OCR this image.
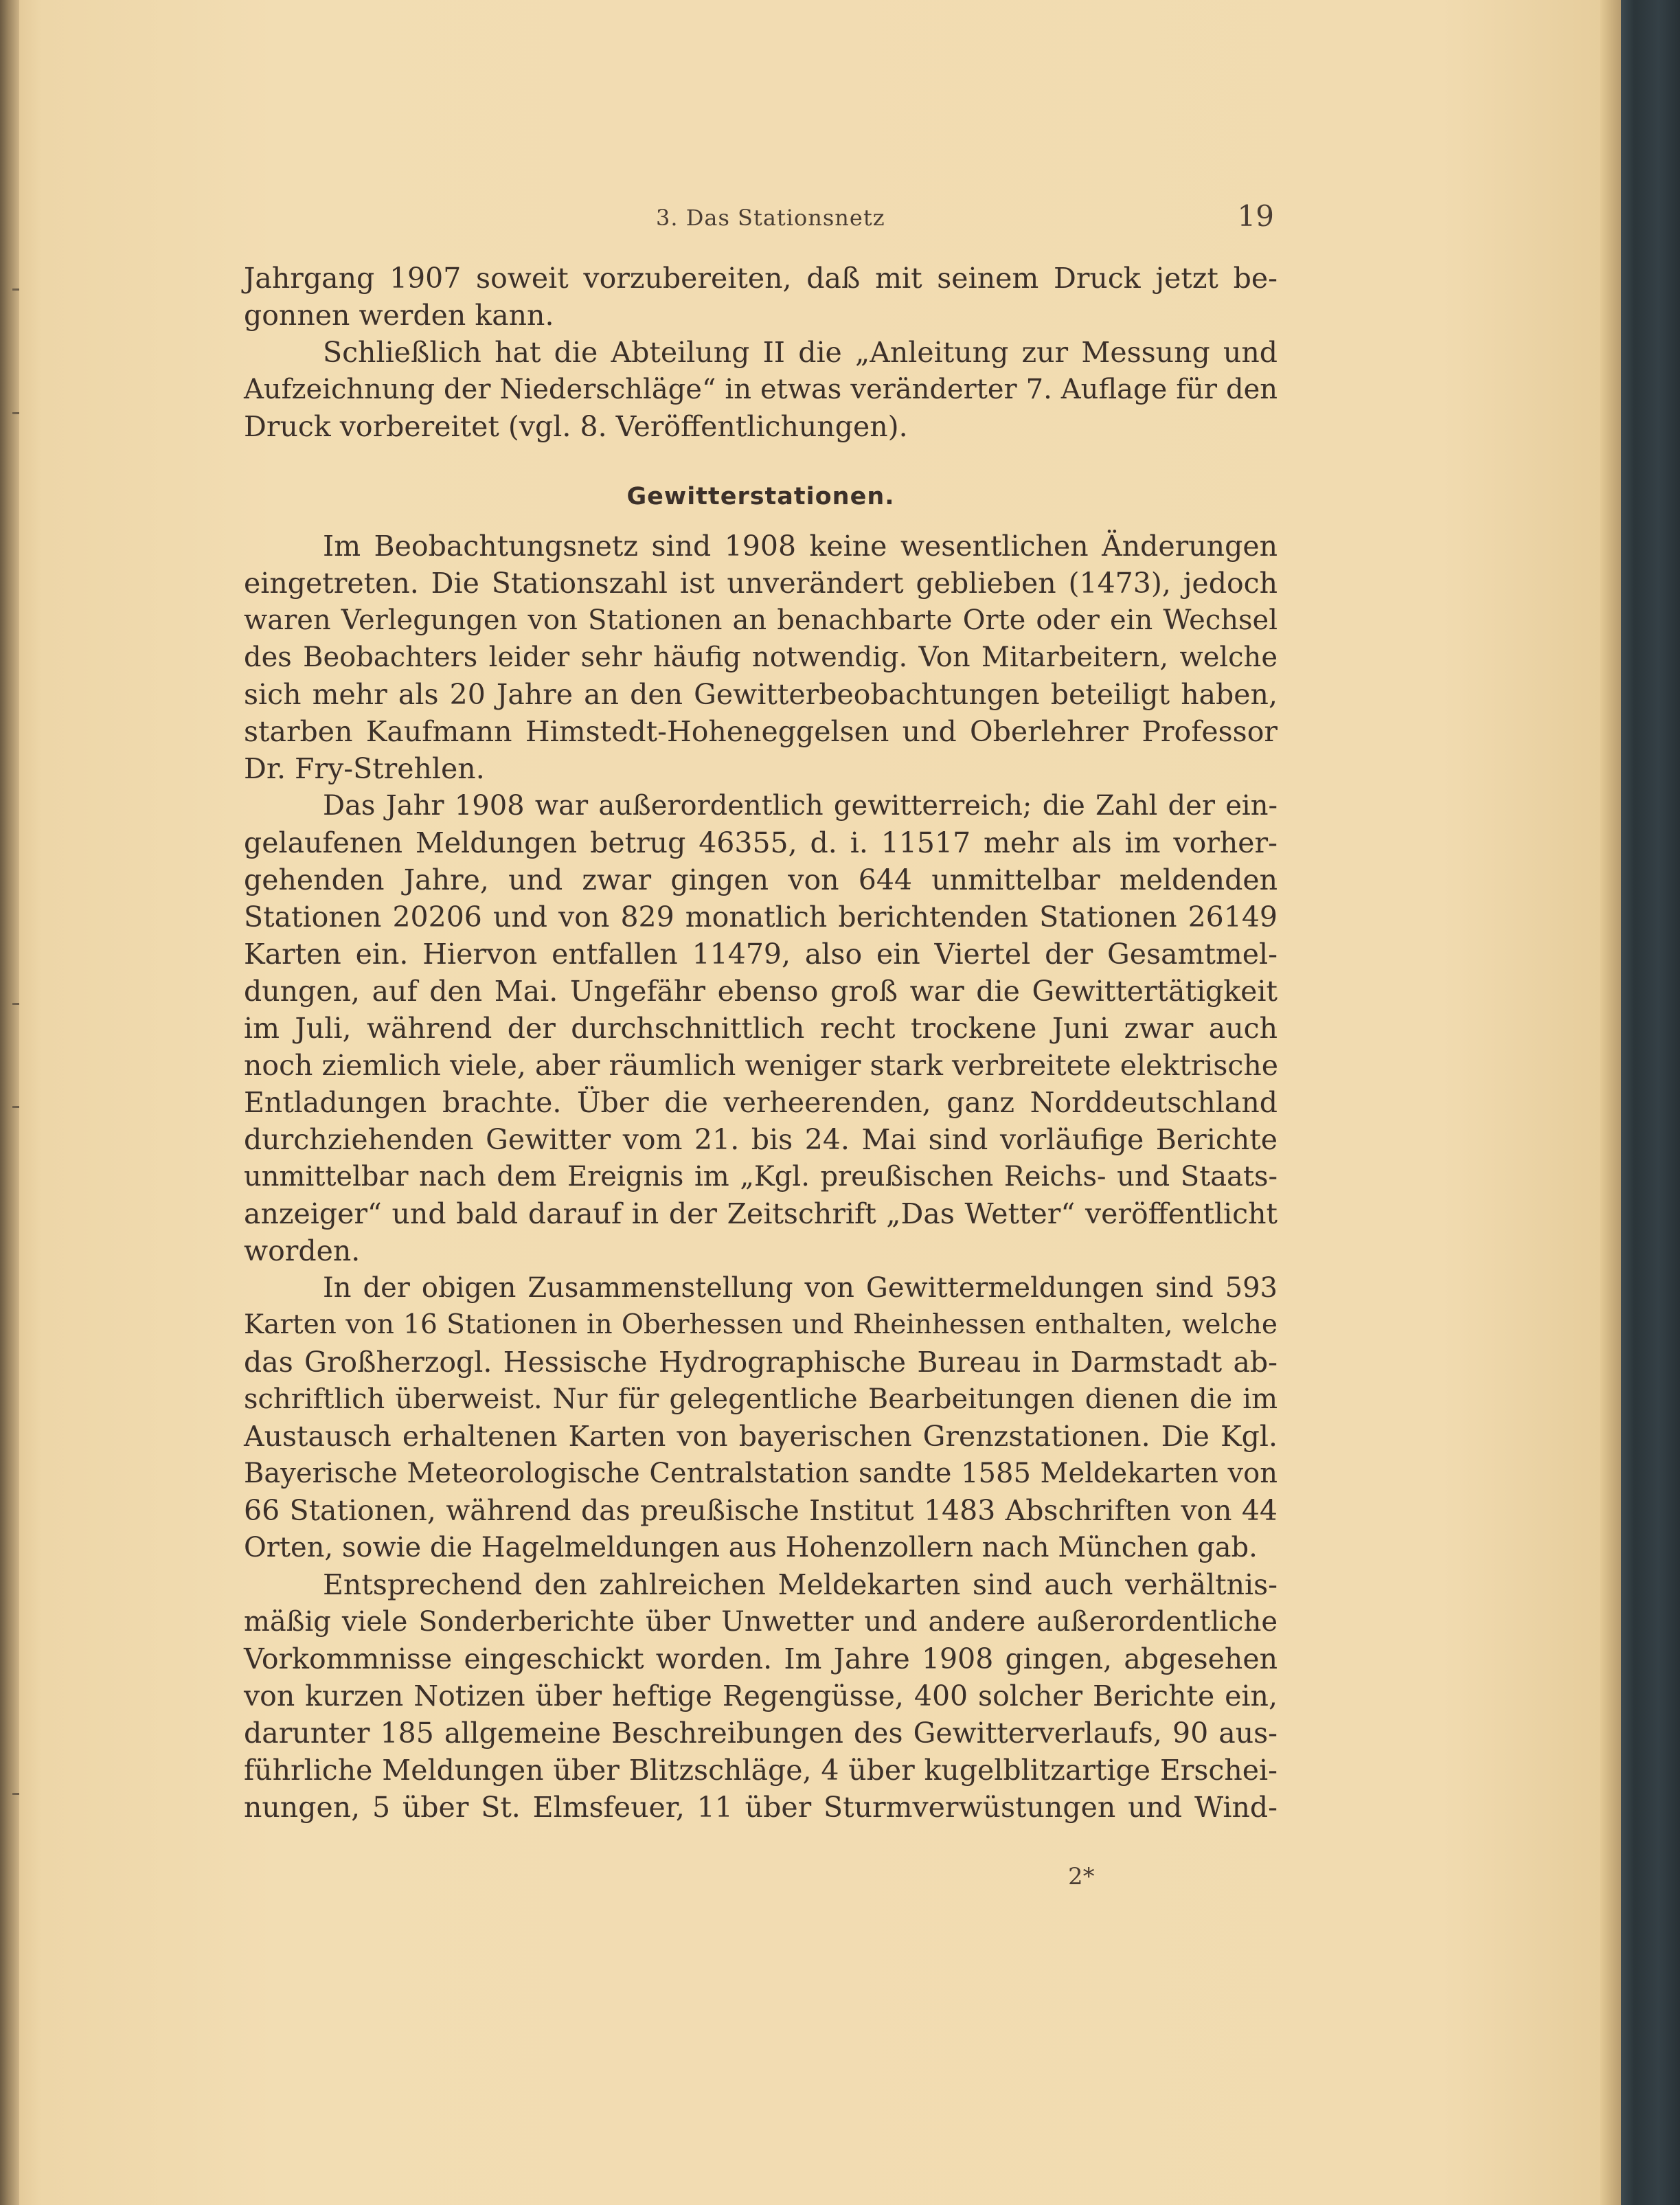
3. Das Stationsnetz	19
Jahrgang 1907 soweit vorzubereiten, daß mit seinem Druck jetzt be-
gonnen werden kann.
Schließlich hat die Abteilung II die „Anleitung zur Messung und
Aufzeichnung der Niederschläge“ in etwas veränderter 7. Auflage für den
Druck vorbereitet (vgl. 8. Veröffentlichungen).
Gewitterstationen.
Im Beobachtungsnetz sind 1908 keine wesentlichen Änderungen
eingetreten. Die Stationszahl ist unverändert geblieben (1473), jedoch
waren Verlegungen von Stationen an benachbarte Orte oder ein Wechsel
des Beobachters leider sehr häufig notwendig. Von Mitarbeitern, welche
sich mehr als 20 Jahre an den Gewitterbeobachtungen beteiligt haben,
starben Kaufmann Himstedt-Hoheneggelsen und Oberlehrer Professor
Dr. Fry-Strehlen.
Das Jahr 1908 war außerordentlich gewitterreich; die Zahl der ein-
gelaufenen Meldungen betrug 46355, d. i. 11517 mehr als im vorher-
gehenden Jahre, und zwar gingen von 644 unmittelbar meldenden
Stationen 20206 und von 829 monatlich berichtenden Stationen 26149
Karten ein. Hiervon entfallen 11479, also ein Viertel der Gesamtmel-
dungen, auf den Mai. Ungefähr ebenso groß war die Gewittertätigkeit
im Juli, während der durchschnittlich recht trockene Juni zwar auch
noch ziemlich viele, aber räumlich weniger stark verbreitete elektrische
Entladungen brachte. Über die verheerenden, ganz Norddeutschland
durchziehenden Gewitter vom 21. bis 24. Mai sind vorläufige Berichte
unmittelbar nach dem Ereignis im „Kgl. preußischen Reichs- und Staats-
anzeiger“ und bald darauf in der Zeitschrift „Das Wetter“ veröffentlicht
worden.
In der obigen Zusammenstellung von Gewittermeldungen sind 593
Karten von 16 Stationen in Oberhessen und Rheinhessen enthalten, welche
das Großherzogl. Hessische Hydrographische Bureau in Darmstadt ab-
schriftlich überweist. Nur für gelegentliche Bearbeitungen dienen die im
Austausch erhaltenen Karten von bayerischen Grenzstationen. Die Kgl.
Bayerische Meteorologische Centralstation sandte 1585 Meldekarten von
66 Stationen, während das preußische Institut 1483 Abschriften von 44
Orten, sowie die Hagelmeldungen aus Hohenzollern nach München gab.
Entsprechend den zahlreichen Meldekarten sind auch verhältnis-
mäßig viele Sonderberichte über Unwetter und andere außerordentliche
Vorkommnisse eingeschickt worden. Im Jahre 1908 gingen, abgesehen
von kurzen Notizen über heftige Regengüsse, 400 solcher Berichte ein,
darunter 185 allgemeine Beschreibungen des Gewitterverlaufs, 90 aus-
führliche Meldungen über Blitzschläge, 4 über kugelblitzartige Erschei-
nungen, 5 über St. Elmsfeuer, 11 über Sturmverwüstungen und Wind-
2*
